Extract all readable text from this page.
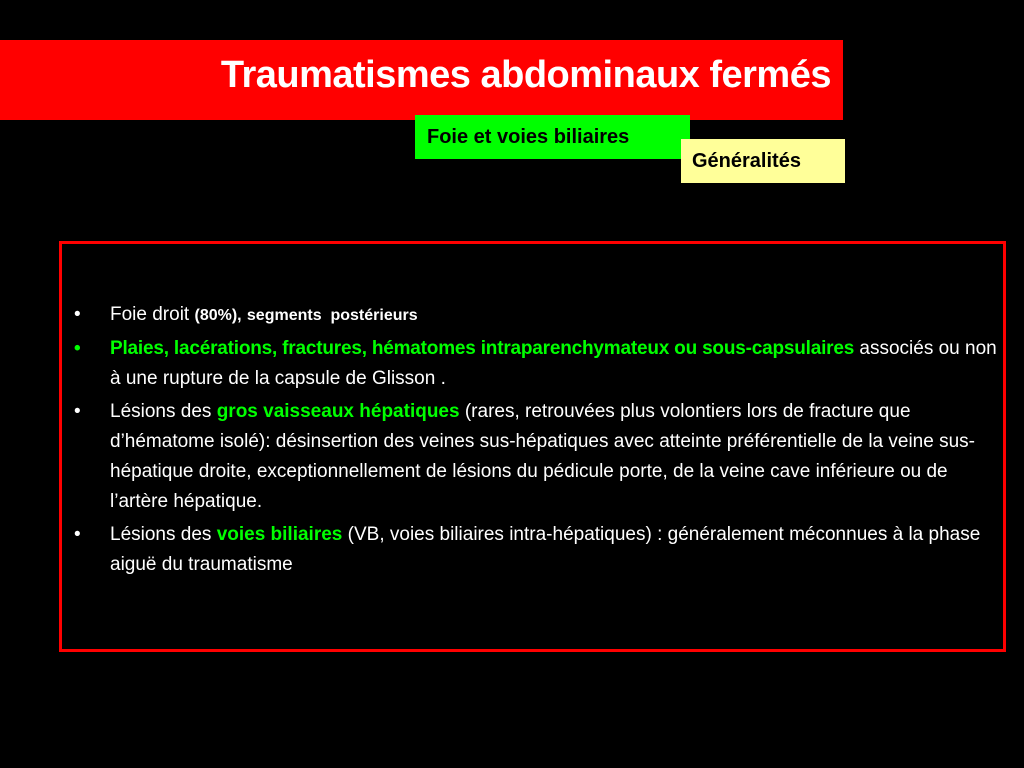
Traumatismes abdominaux fermés
Foie et voies biliaires
Généralités
• Foie droit (80%), segments  postérieurs
• Plaies, lacérations, fractures, hématomes intraparenchymateux ou sous-capsulaires associés ou non à une rupture de la capsule de Glisson .
• Lésions des gros vaisseaux hépatiques (rares, retrouvées plus volontiers lors de fracture que d’hématome isolé): désinsertion des veines sus-hépatiques avec atteinte préférentielle de la veine sus-hépatique droite, exceptionnellement de lésions du pédicule porte, de la veine cave inférieure ou de l’artère hépatique.
• Lésions des voies biliaires (VB, voies biliaires intra-hépatiques) : généralement méconnues à la phase aiguë du traumatisme
